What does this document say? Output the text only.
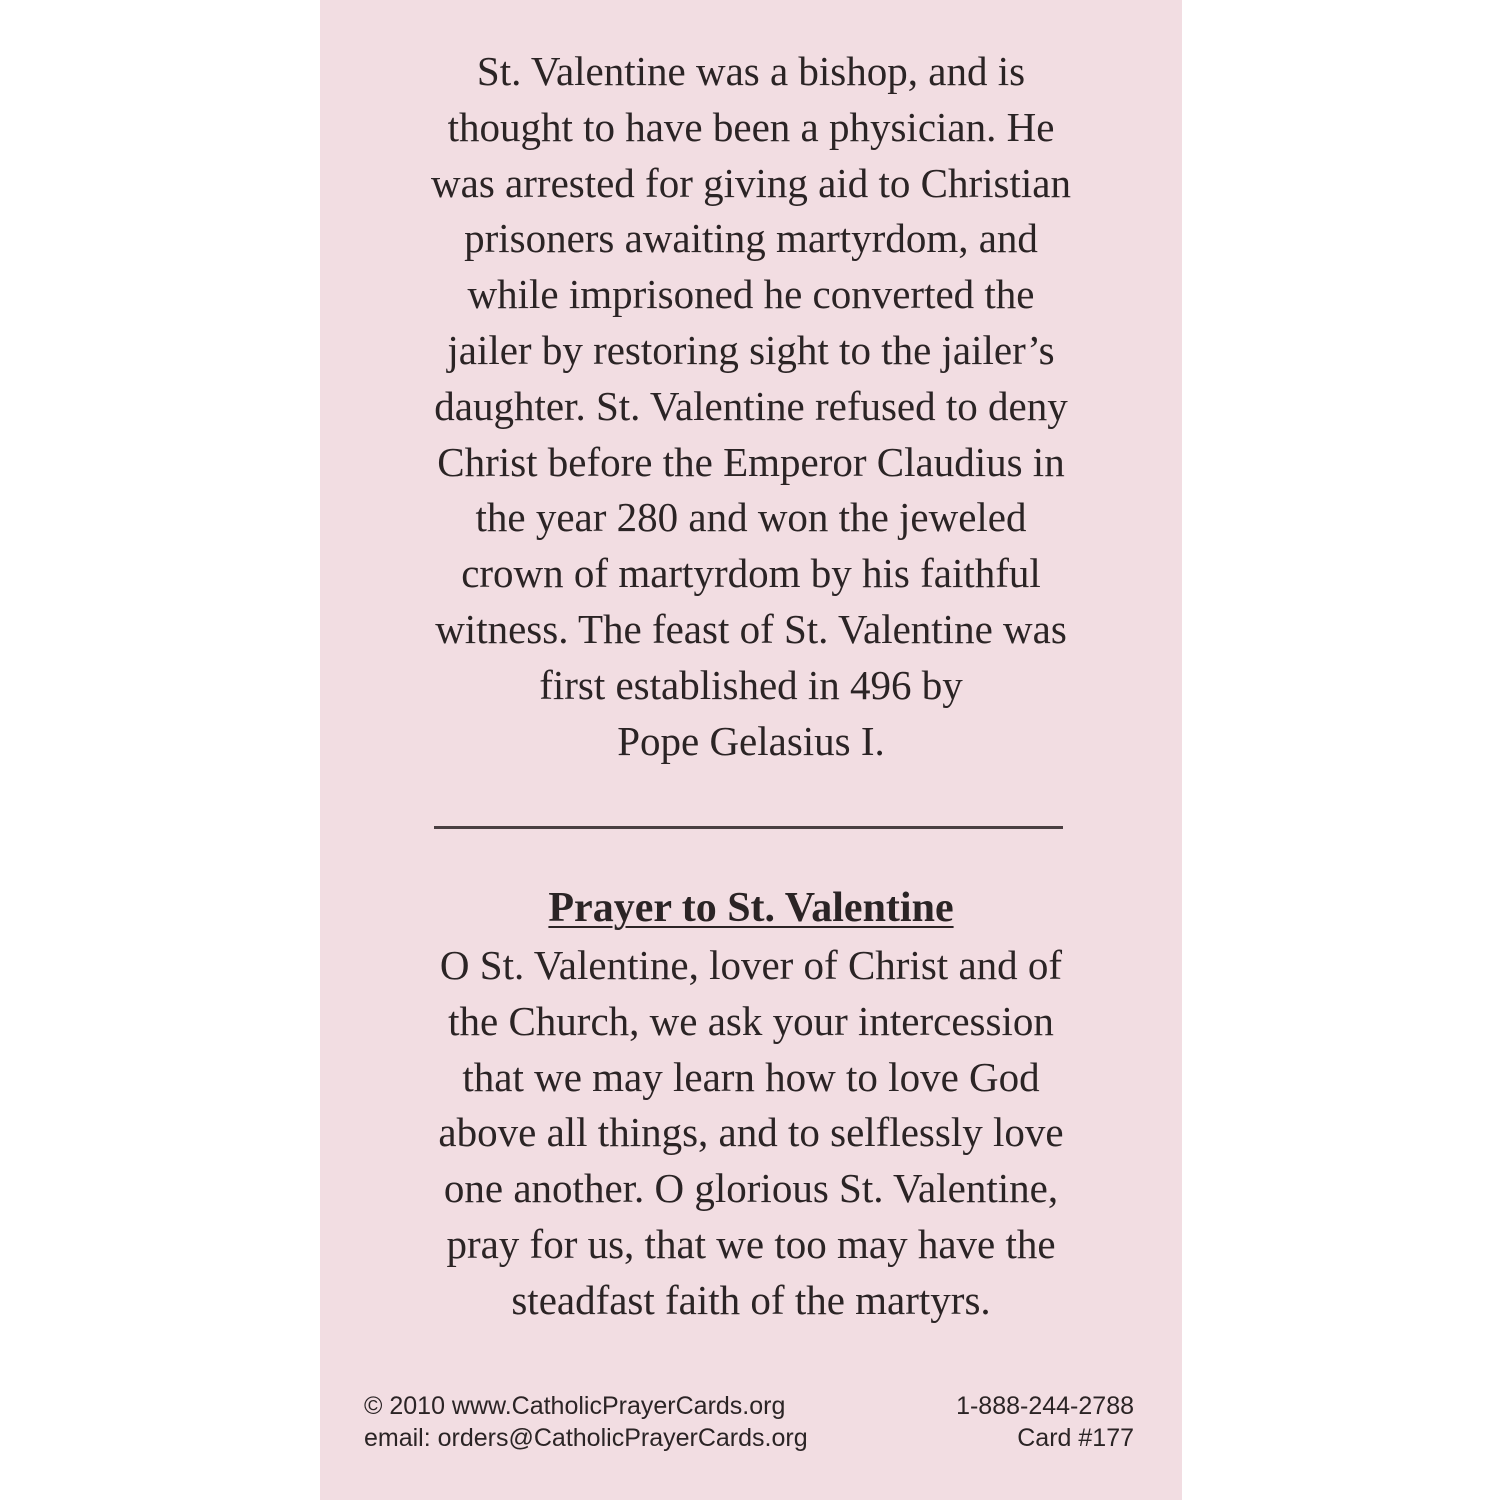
St. Valentine was a bishop, and is
thought to have been a physician. He
was arrested for giving aid to Christian
prisoners awaiting martyrdom, and
while imprisoned he converted the
jailer by restoring sight to the jailer’s
daughter. St. Valentine refused to deny
Christ before the Emperor Claudius in
the year 280 and won the jeweled
crown of martyrdom by his faithful
witness. The feast of St. Valentine was
first established in 496 by
Pope Gelasius I.
Prayer to St. Valentine
O St. Valentine, lover of Christ and of
the Church, we ask your intercession
that we may learn how to love God
above all things, and to selflessly love
one another. O glorious St. Valentine,
pray for us, that we too may have the
steadfast faith of the martyrs.
© 2010 www.CatholicPrayerCards.org	1-888-244-2788
email: orders@CatholicPrayerCards.org	Card #177
